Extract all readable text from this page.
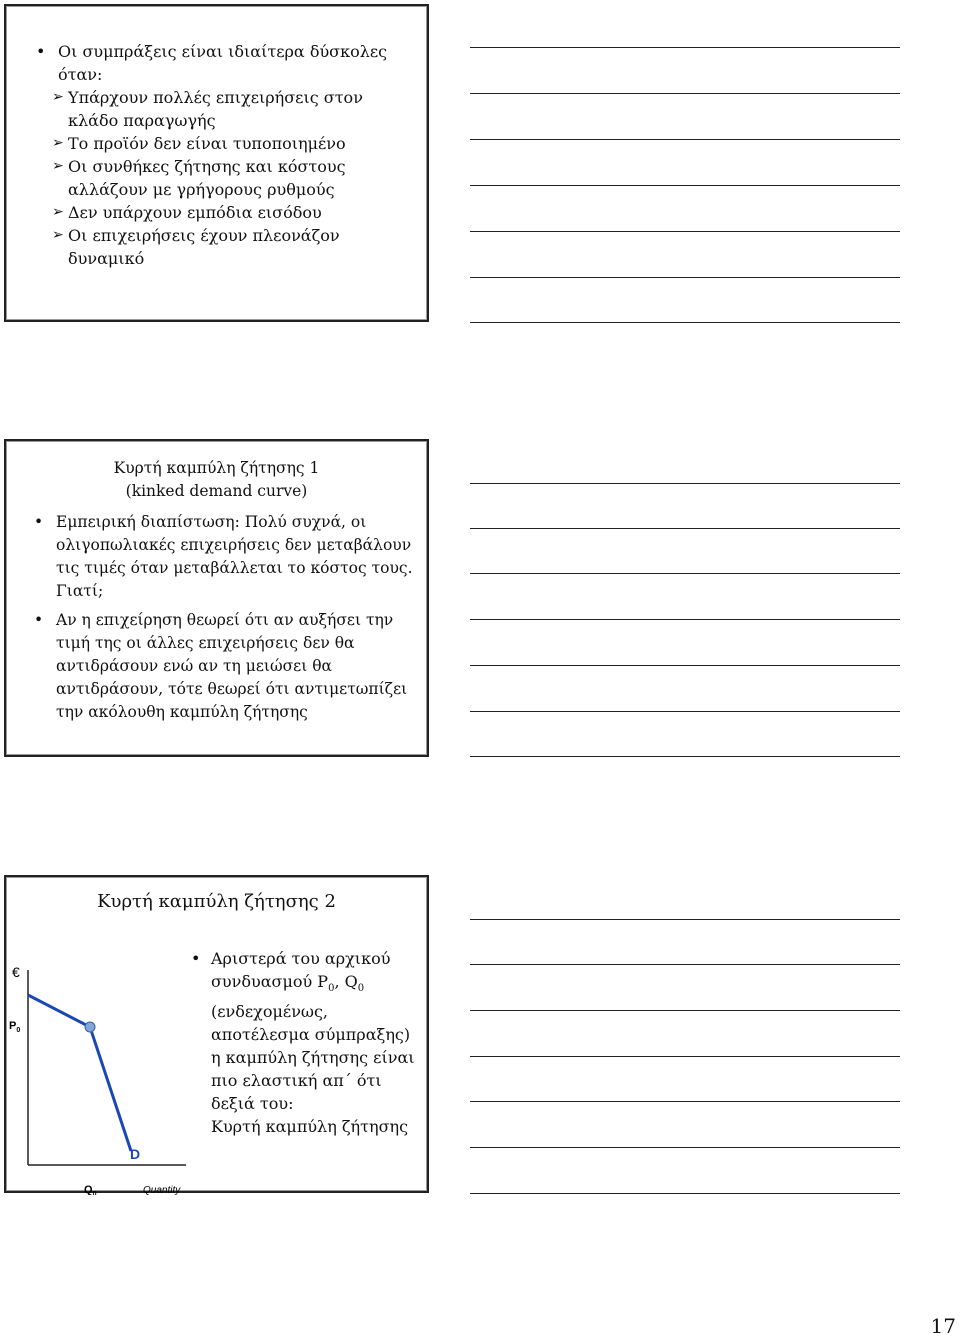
• Οι συμπράξεις είναι ιδιαίτερα δύσκολες όταν:
➢ Υπάρχουν πολλές επιχειρήσεις στον κλάδο παραγωγής
➢ Το προϊόν δεν είναι τυποποιημένο
➢ Οι συνθήκες ζήτησης και κόστους αλλάζουν με γρήγορους ρυθμούς
➢ Δεν υπάρχουν εμπόδια εισόδου
➢ Οι επιχειρήσεις έχουν πλεονάζον δυναμικό
Κυρτή καμπύλη ζήτησης 1
(kinked demand curve)
• Εμπειρική διαπίστωση: Πολύ συχνά, οι ολιγοπωλιακές επιχειρήσεις δεν μεταβάλουν τις τιμές όταν μεταβάλλεται το κόστος τους. Γιατί;
• Αν η επιχείρηση θεωρεί ότι αν αυξήσει την τιμή της οι άλλες επιχειρήσεις δεν θα αντιδράσουν ενώ αν τη μειώσει θα αντιδράσουν, τότε θεωρεί ότι αντιμετωπίζει την ακόλουθη καμπύλη ζήτησης
Κυρτή καμπύλη ζήτησης 2
€
$P_0$
$Q_0$	Quantity
D
• Αριστερά του αρχικού
συνδυασμού $P_0$, $Q_0$
(ενδεχομένως,
αποτέλεσμα σύμπραξης)
η καμπύλη ζήτησης είναι
πιο ελαστική απ΄ ότι
δεξιά του:
Κυρτή καμπύλη ζήτησης
17
